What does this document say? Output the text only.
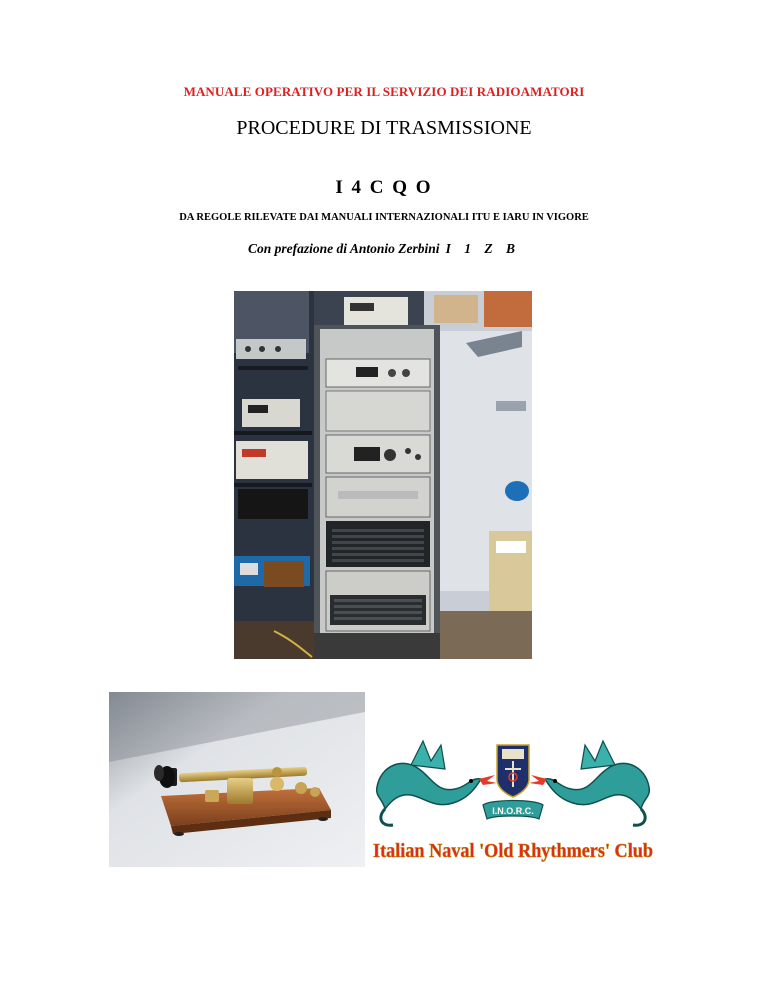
MANUALE OPERATIVO PER IL SERVIZIO DEI RADIOAMATORI
PROCEDURE DI TRASMISSIONE
I 4 C Q O
DA REGOLE RILEVATE DAI MANUALI INTERNAZIONALI ITU E IARU IN VIGORE
Con prefazione di Antonio Zerbini I 1 Z B
I.N.O.R.C.
Italian Naval 'Old Rhythmers' Club
